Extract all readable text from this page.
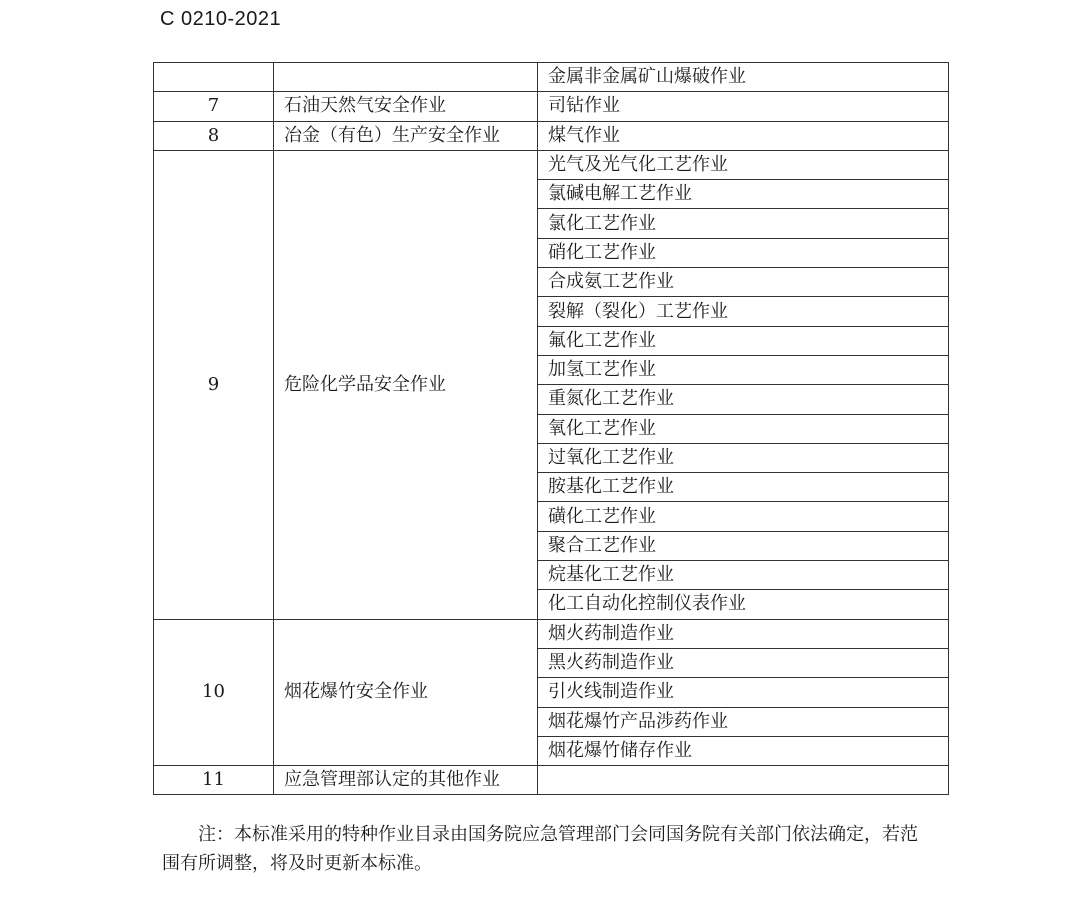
C 0210-2021
		金属非金属矿山爆破作业
7	石油天然气安全作业	司钻作业
8	冶金（有色）生产安全作业	煤气作业
9	危险化学品安全作业	光气及光气化工艺作业
		氯碱电解工艺作业
		氯化工艺作业
		硝化工艺作业
		合成氨工艺作业
		裂解（裂化）工艺作业
		氟化工艺作业
		加氢工艺作业
		重氮化工艺作业
		氧化工艺作业
		过氧化工艺作业
		胺基化工艺作业
		磺化工艺作业
		聚合工艺作业
		烷基化工艺作业
		化工自动化控制仪表作业
10	烟花爆竹安全作业	烟火药制造作业
		黑火药制造作业
		引火线制造作业
		烟花爆竹产品涉药作业
		烟花爆竹储存作业
11	应急管理部认定的其他作业	
注：本标准采用的特种作业目录由国务院应急管理部门会同国务院有关部门依法确定，若范围有所调整，将及时更新本标准。
